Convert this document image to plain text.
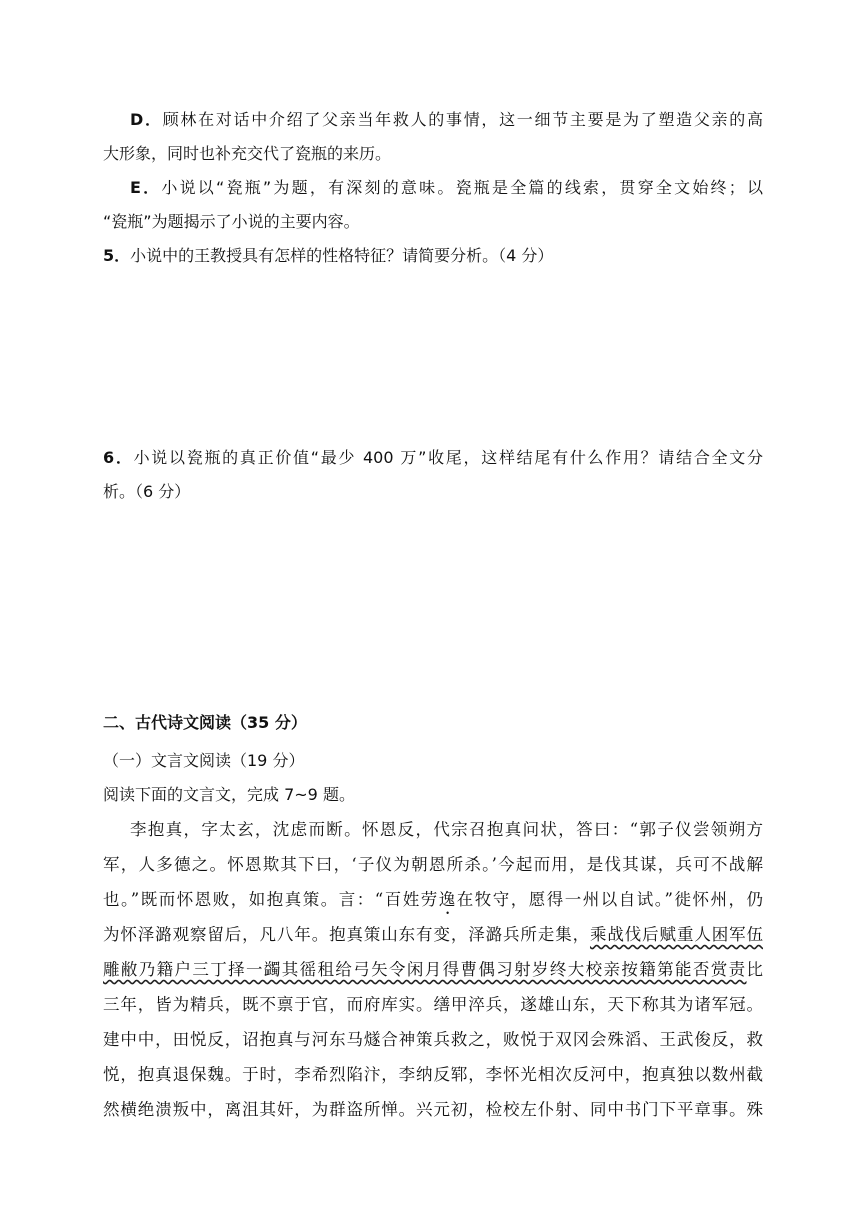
D．顾林在对话中介绍了父亲当年救人的事情，这一细节主要是为了塑造父亲的高
大形象，同时也补充交代了瓷瓶的来历。
E．小说以“瓷瓶”为题，有深刻的意味。瓷瓶是全篇的线索，贯穿全文始终；以
“瓷瓶”为题揭示了小说的主要内容。
5．小说中的王教授具有怎样的性格特征？请简要分析。（4 分）
6．小说以瓷瓶的真正价值“最少 400 万”收尾，这样结尾有什么作用？请结合全文分
析。（6 分）
二、古代诗文阅读（35 分）
（一）文言文阅读（19 分）
阅读下面的文言文，完成 7~9 题。
李抱真，字太玄，沈虑而断。怀恩反，代宗召抱真问状，答曰：“郭子仪尝领朔方
军，人多德之。怀恩欺其下曰，‘子仪为朝恩所杀。’今起而用，是伐其谋，兵可不战解
也。”既而怀恩败，如抱真策。言：“百姓劳逸在牧守，愿得一州以自试。”徙怀州，仍
为怀泽潞观察留后，凡八年。抱真策山东有变，泽潞兵所走集，乘战伐后赋重人困军伍
雕敝乃籍户三丁择一蠲其徭租给弓矢令闲月得曹偶习射岁终大校亲按籍第能否赏责比
三年，皆为精兵，既不禀于官，而府库实。缮甲淬兵，遂雄山东，天下称其为诸军冠。
建中中，田悦反，诏抱真与河东马燧合神策兵救之，败悦于双冈会殊滔、王武俊反，救
悦，抱真退保魏。于时，李希烈陷汴，李纳反郓，李怀光相次反河中，抱真独以数州截
然横绝溃叛中，离沮其奸，为群盗所惮。兴元初，检校左仆射、同中书门下平章事。殊
